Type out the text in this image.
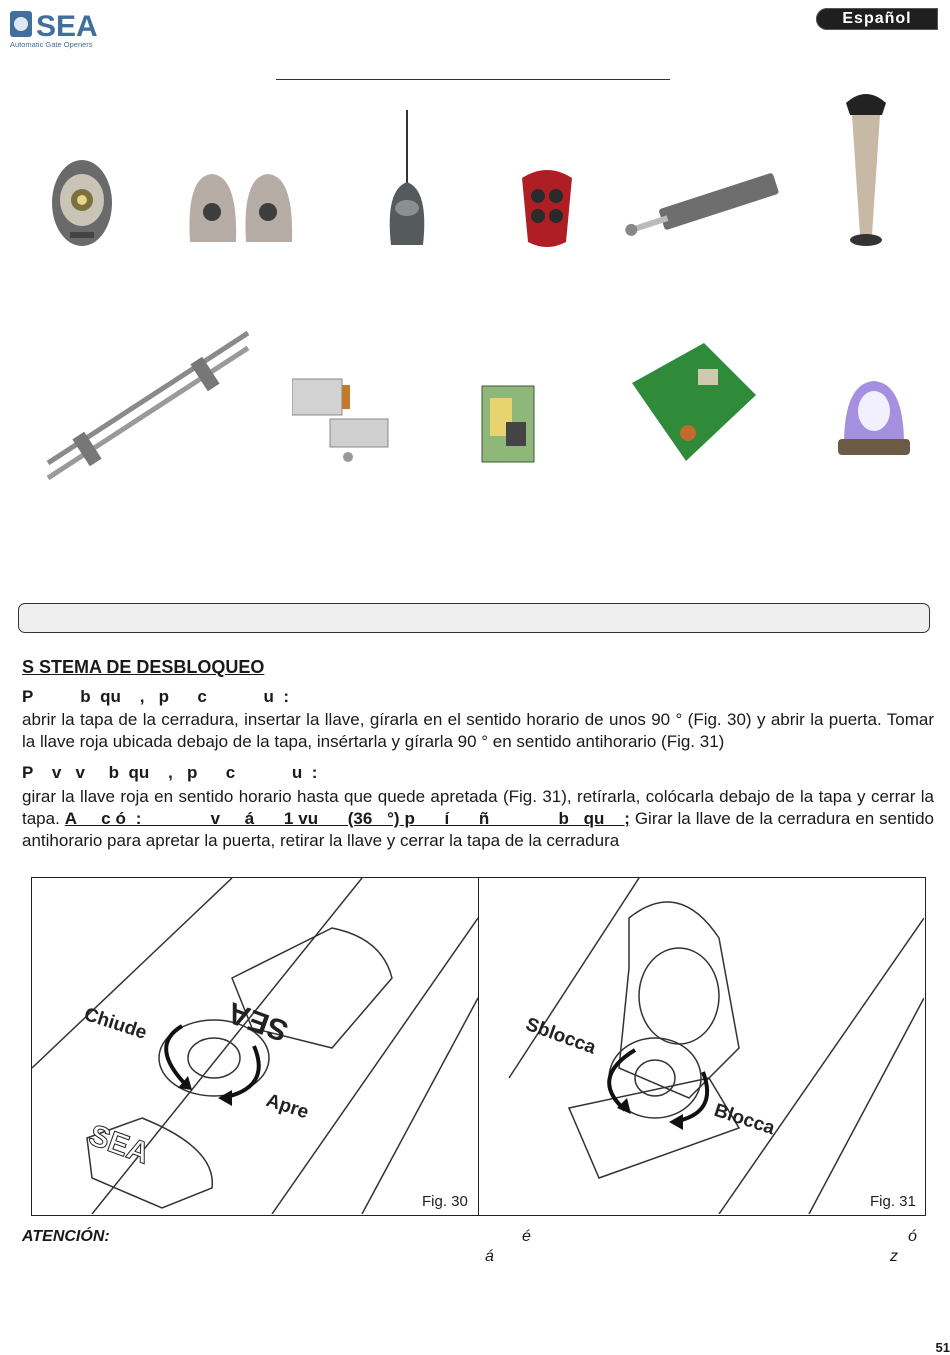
SEA
Automatic Gate Openers
Español
S STEMA DE DESBLOQUEO
P          b  qu    ,   p      c            u  :
abrir la tapa de la cerradura, insertar la llave, gírarla en el sentido horario de unos 90 ° (Fig. 30) y abrir la puerta. Tomar la llave roja ubicada debajo de la tapa, insértarla y gírarla 90 ° en sentido antihorario (Fig. 31)
P    v   v     b  qu    ,   p      c            u  :
girar la llave roja en sentido horario hasta que quede apretada (Fig. 31), retírarla, colócarla debajo de la tapa y cerrar la tapa. A     c ó  :              v     á      1 vu      (36   °) p      í      ñ              b   qu    ; Girar la llave de la cerradura en sentido antihorario para apretar la puerta, retirar la llave y cerrar la tapa de la cerradura
SEA
SEA
Chiude
Apre
Fig. 30
Sblocca
Blocca
Fig. 31
ATENCIÓN:	é	ó
á	z
51
